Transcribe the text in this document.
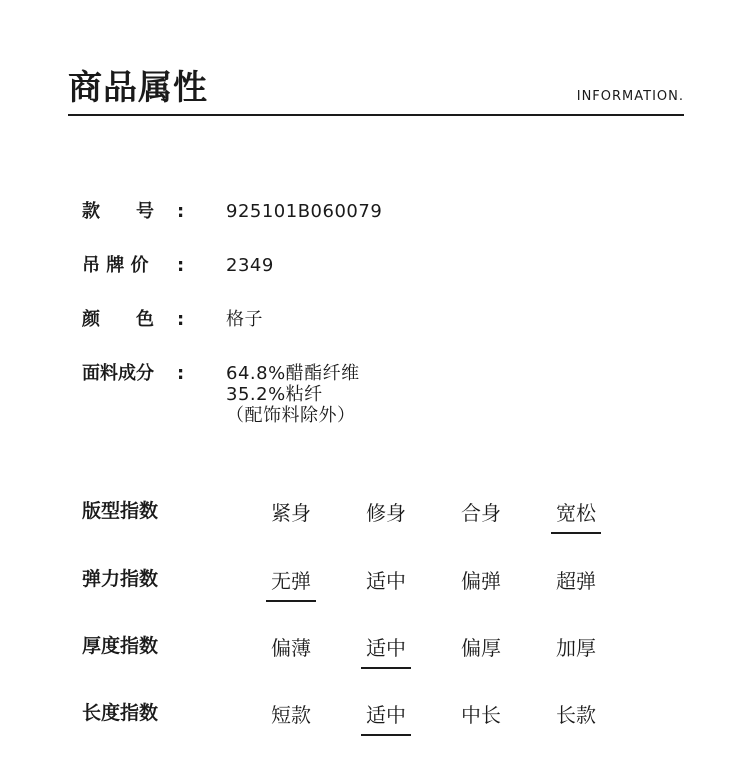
商品属性	INFORMATION.
款　　号 : 925101B060079
吊 牌 价 : 2349
颜　　色 : 格子
面料成分 : 64.8%醋酯纤维
35.2%粘纤
（配饰料除外）
版型指数	紧身	修身	合身	宽松
弹力指数	无弹	适中	偏弹	超弹
厚度指数	偏薄	适中	偏厚	加厚
长度指数	短款	适中	中长	长款
